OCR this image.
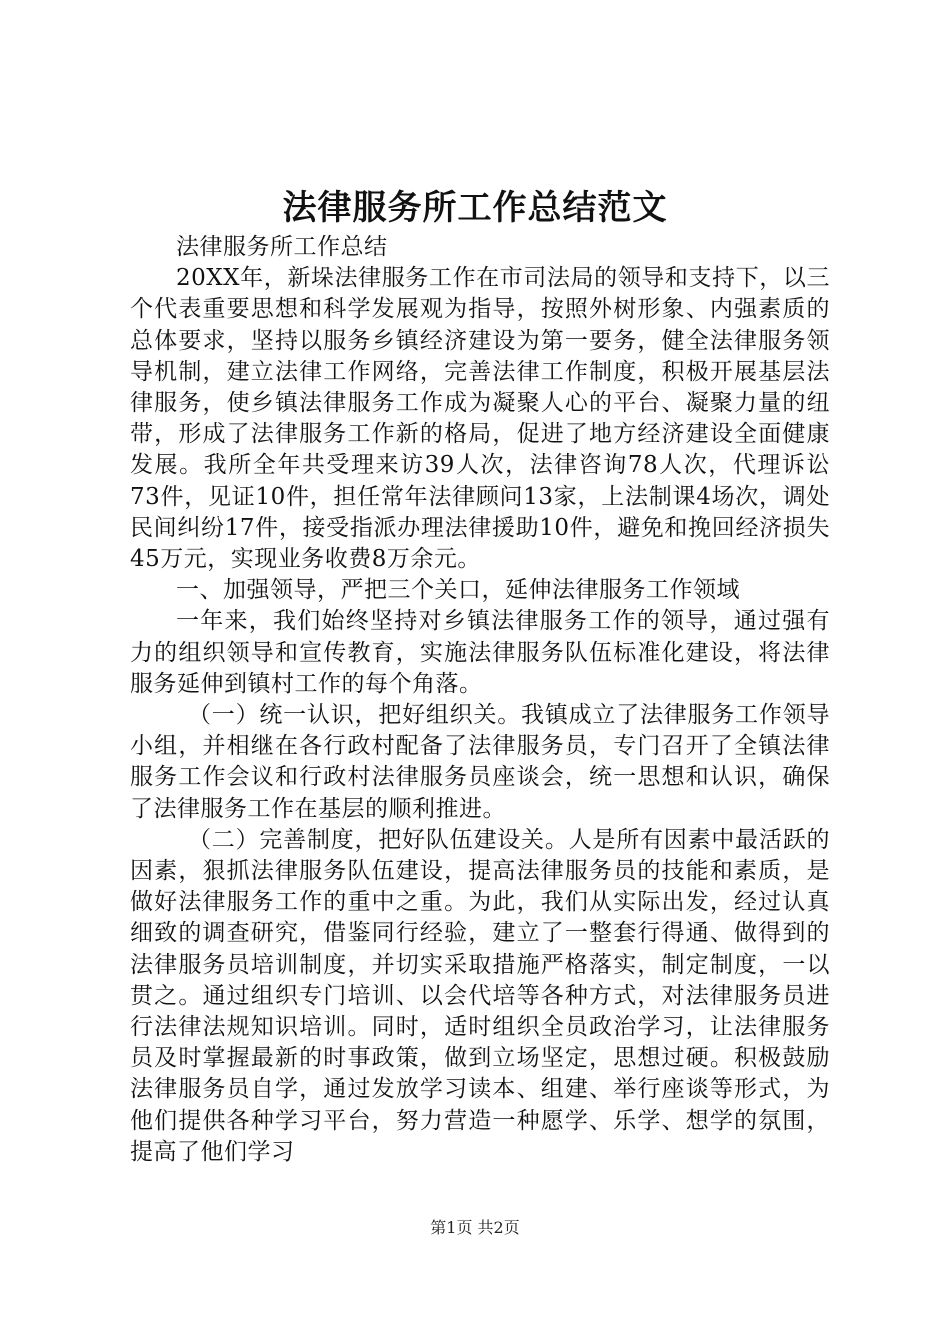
法律服务所工作总结范文

法律服务所工作总结

20XX年，新垛法律服务工作在市司法局的领导和支持下，以三个代表重要思想和科学发展观为指导，按照外树形象、内强素质的总体要求，坚持以服务乡镇经济建设为第一要务，健全法律服务领导机制，建立法律工作网络，完善法律工作制度，积极开展基层法律服务，使乡镇法律服务工作成为凝聚人心的平台、凝聚力量的纽带，形成了法律服务工作新的格局，促进了地方经济建设全面健康发展。我所全年共受理来访39人次，法律咨询78人次，代理诉讼73件，见证10件，担任常年法律顾问13家，上法制课4场次，调处民间纠纷17件，接受指派办理法律援助10件，避免和挽回经济损失45万元，实现业务收费8万余元。

一、加强领导，严把三个关口，延伸法律服务工作领域

一年来，我们始终坚持对乡镇法律服务工作的领导，通过强有力的组织领导和宣传教育，实施法律服务队伍标准化建设，将法律服务延伸到镇村工作的每个角落。

（一）统一认识，把好组织关。我镇成立了法律服务工作领导小组，并相继在各行政村配备了法律服务员，专门召开了全镇法律服务工作会议和行政村法律服务员座谈会，统一思想和认识，确保了法律服务工作在基层的顺利推进。

（二）完善制度，把好队伍建设关。人是所有因素中最活跃的因素，狠抓法律服务队伍建设，提高法律服务员的技能和素质，是做好法律服务工作的重中之重。为此，我们从实际出发，经过认真细致的调查研究，借鉴同行经验，建立了一整套行得通、做得到的法律服务员培训制度，并切实采取措施严格落实，制定制度，一以贯之。通过组织专门培训、以会代培等各种方式，对法律服务员进行法律法规知识培训。同时，适时组织全员政治学习，让法律服务员及时掌握最新的时事政策，做到立场坚定，思想过硬。积极鼓励法律服务员自学，通过发放学习读本、组建、举行座谈等形式，为他们提供各种学习平台，努力营造一种愿学、乐学、想学的氛围，提高了他们学习

第1页 共2页
